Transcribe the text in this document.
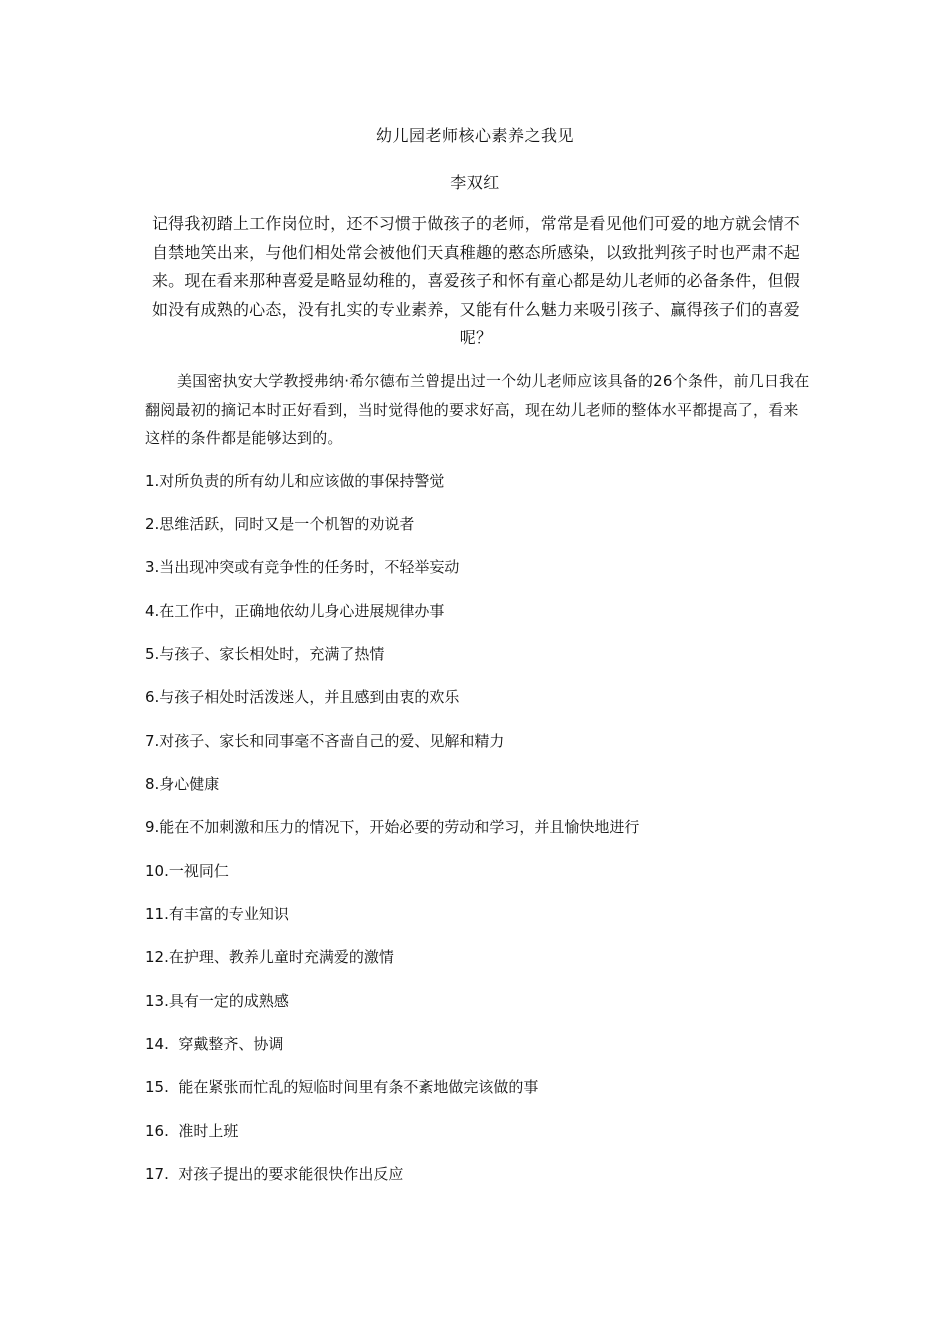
幼儿园老师核心素养之我见
李双红

记得我初踏上工作岗位时，还不习惯于做孩子的老师，常常是看见他们可爱的地方就会情不自禁地笑出来，与他们相处常会被他们天真稚趣的憨态所感染，以致批判孩子时也严肃不起来。现在看来那种喜爱是略显幼稚的，喜爱孩子和怀有童心都是幼儿老师的必备条件，但假如没有成熟的心态，没有扎实的专业素养，又能有什么魅力来吸引孩子、赢得孩子们的喜爱呢？

美国密执安大学教授弗纳·希尔德布兰曾提出过一个幼儿老师应该具备的26个条件，前几日我在翻阅最初的摘记本时正好看到，当时觉得他的要求好高，现在幼儿老师的整体水平都提高了，看来这样的条件都是能够达到的。

1.对所负责的所有幼儿和应该做的事保持警觉

2.思维活跃，同时又是一个机智的劝说者

3.当出现冲突或有竞争性的任务时，不轻举妄动

4.在工作中，正确地依幼儿身心进展规律办事

5.与孩子、家长相处时，充满了热情

6.与孩子相处时活泼迷人，并且感到由衷的欢乐

7.对孩子、家长和同事毫不吝啬自己的爱、见解和精力

8.身心健康

9.能在不加刺激和压力的情况下，开始必要的劳动和学习，并且愉快地进行

10.一视同仁

11.有丰富的专业知识

12.在护理、教养儿童时充满爱的激情

13.具有一定的成熟感

14.  穿戴整齐、协调

15.  能在紧张而忙乱的短临时间里有条不紊地做完该做的事

16.  准时上班

17.  对孩子提出的要求能很快作出反应
